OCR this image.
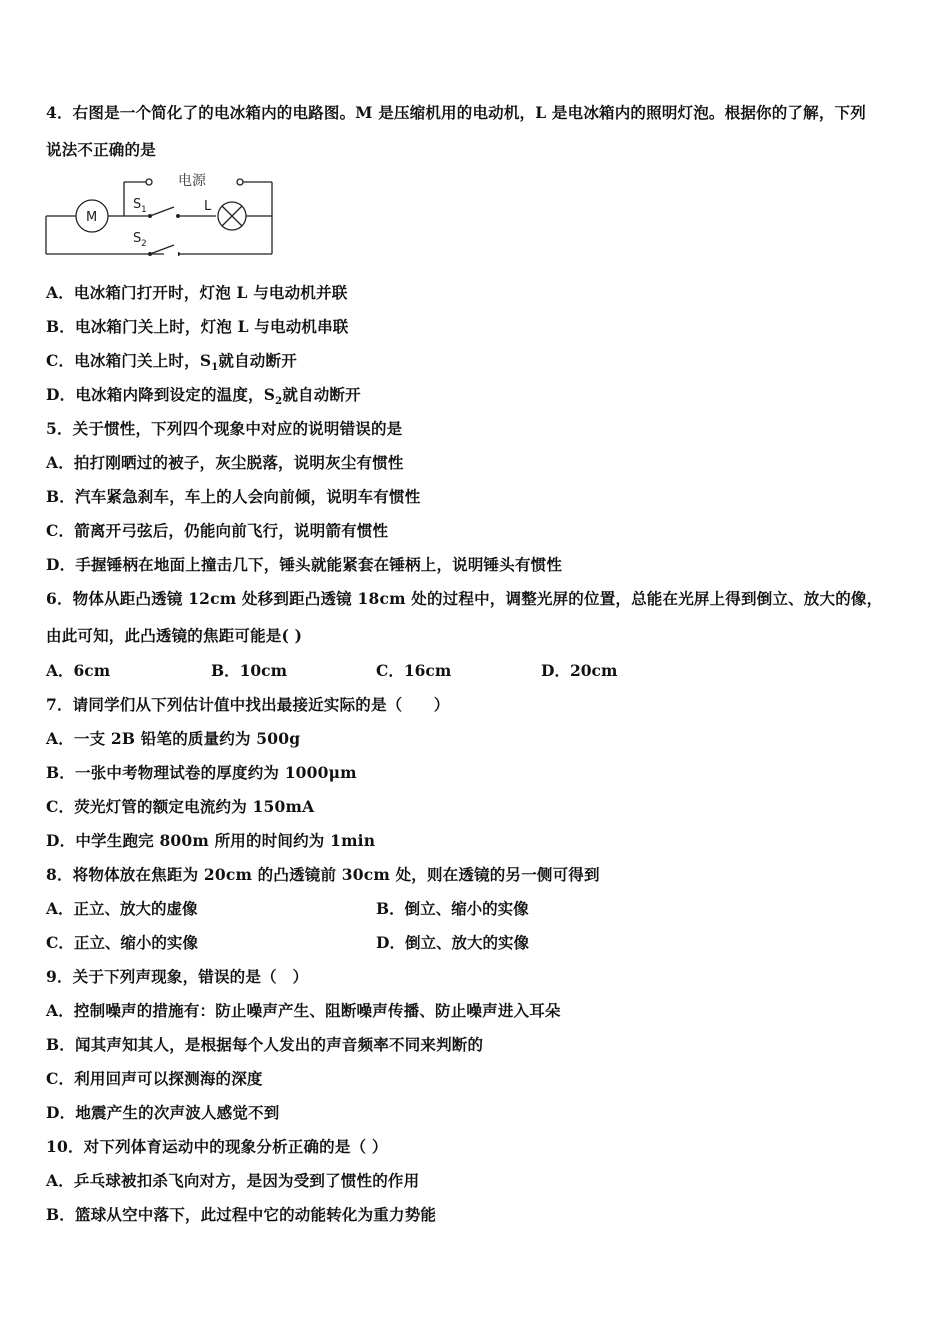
4．右图是一个简化了的电冰箱内的电路图。M 是压缩机用的电动机，L 是电冰箱内的照明灯泡。根据你的了解，下列
说法不正确的是
电源
M
L
S 1
S 2
A．电冰箱门打开时，灯泡 L 与电动机并联
B．电冰箱门关上时，灯泡 L 与电动机串联
C．电冰箱门关上时，$S_1$就自动断开
D．电冰箱内降到设定的温度，$S_2$就自动断开
5．关于惯性，下列四个现象中对应的说明错误的是
A．拍打刚晒过的被子，灰尘脱落，说明灰尘有惯性
B．汽车紧急刹车，车上的人会向前倾，说明车有惯性
C．箭离开弓弦后，仍能向前飞行，说明箭有惯性
D．手握锤柄在地面上撞击几下，锤头就能紧套在锤柄上，说明锤头有惯性
6．物体从距凸透镜 12cm 处移到距凸透镜 18cm 处的过程中，调整光屏的位置，总能在光屏上得到倒立、放大的像，
由此可知，此凸透镜的焦距可能是( )
A．6cm	B．10cm	C．16cm	D．20cm
7．请同学们从下列估计值中找出最接近实际的是（　　）
A．一支 2B 铅笔的质量约为 500g
B．一张中考物理试卷的厚度约为 1000μm
C．荧光灯管的额定电流约为 150mA
D．中学生跑完 800m 所用的时间约为 1min
8．将物体放在焦距为 20cm 的凸透镜前 30cm 处，则在透镜的另一侧可得到
A．正立、放大的虚像	B．倒立、缩小的实像
C．正立、缩小的实像	D．倒立、放大的实像
9．关于下列声现象，错误的是（　）
A．控制噪声的措施有：防止噪声产生、阻断噪声传播、防止噪声进入耳朵
B．闻其声知其人，是根据每个人发出的声音频率不同来判断的
C．利用回声可以探测海的深度
D．地震产生的次声波人感觉不到
10．对下列体育运动中的现象分析正确的是（ ）
A．乒乓球被扣杀飞向对方，是因为受到了惯性的作用
B．篮球从空中落下，此过程中它的动能转化为重力势能
